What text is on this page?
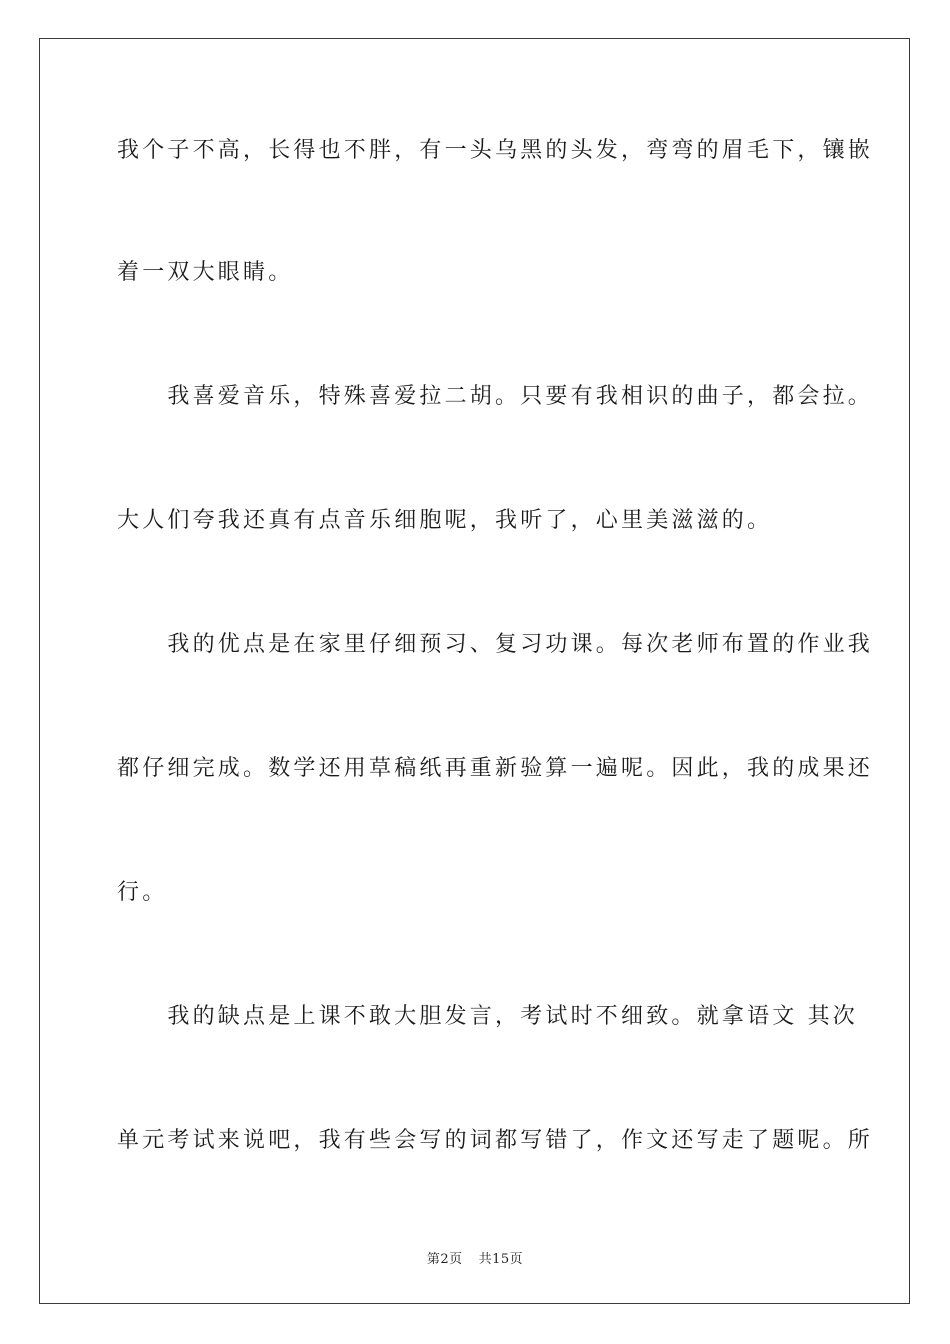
我个子不高，长得也不胖，有一头乌黑的头发，弯弯的眉毛下，镶嵌
着一双大眼睛。
　　我喜爱音乐，特殊喜爱拉二胡。只要有我相识的曲子，都会拉。
大人们夸我还真有点音乐细胞呢，我听了，心里美滋滋的。
　　我的优点是在家里仔细预习、复习功课。每次老师布置的作业我
都仔细完成。数学还用草稿纸再重新验算一遍呢。因此，我的成果还
行。
　　我的缺点是上课不敢大胆发言，考试时不细致。就拿语文 其次
单元考试来说吧，我有些会写的词都写错了，作文还写走了题呢。所
第2页 共15页
